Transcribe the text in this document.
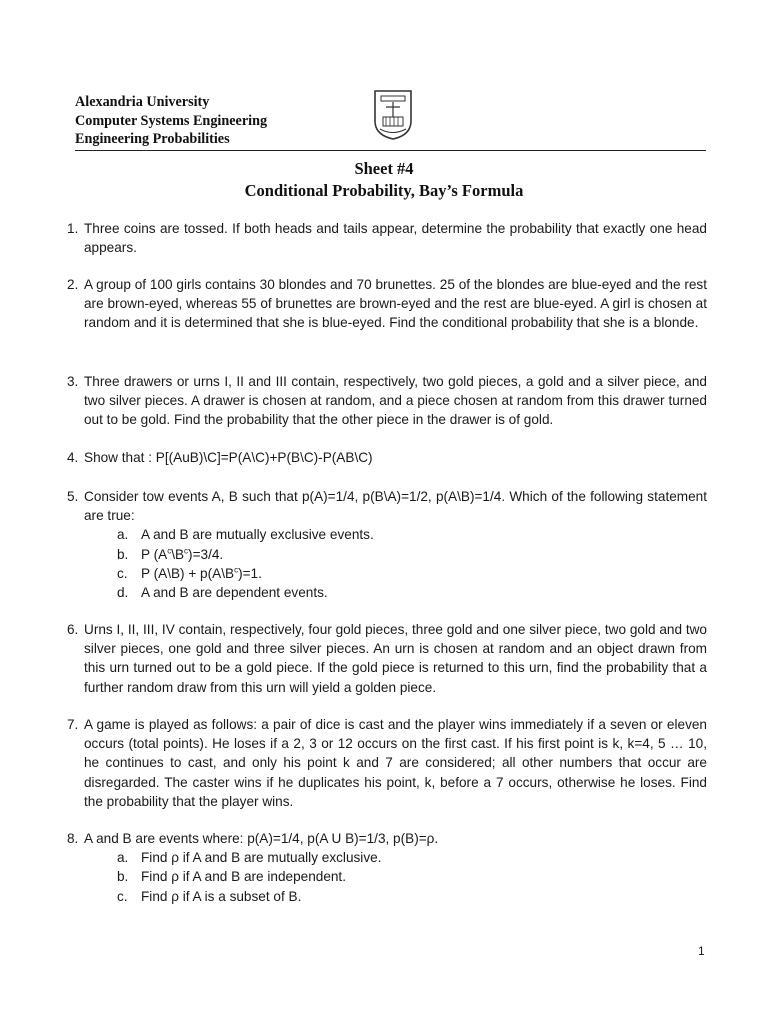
Alexandria University
Computer Systems Engineering
Engineering Probabilities
Sheet #4
Conditional Probability, Bay’s Formula
1. Three coins are tossed. If both heads and tails appear, determine the probability that exactly one head appears.
2. A group of 100 girls contains 30 blondes and 70 brunettes. 25 of the blondes are blue-eyed and the rest are brown-eyed, whereas 55 of brunettes are brown-eyed and the rest are blue-eyed. A girl is chosen at random and it is determined that she is blue-eyed. Find the conditional probability that she is a blonde.
3. Three drawers or urns I, II and III contain, respectively, two gold pieces, a gold and a silver piece, and two silver pieces. A drawer is chosen at random, and a piece chosen at random from this drawer turned out to be gold. Find the probability that the other piece in the drawer is of gold.
4. Show that : P[(AuB)\C]=P(A\C)+P(B\C)-P(AB\C)
5. Consider tow events A, B such that p(A)=1/4, p(B\A)=1/2, p(A\B)=1/4. Which of the following statement are true:
a. A and B are mutually exclusive events.
b. P $(A^c\backslash B^c)=3/4$.
c. P (A\B) + $p(A\backslash B^c)=1$.
d. A and B are dependent events.
6. Urns I, II, III, IV contain, respectively, four gold pieces, three gold and one silver piece, two gold and two silver pieces, one gold and three silver pieces. An urn is chosen at random and an object drawn from this urn turned out to be a gold piece. If the gold piece is returned to this urn, find the probability that a further random draw from this urn will yield a golden piece.
7. A game is played as follows: a pair of dice is cast and the player wins immediately if a seven or eleven occurs (total points). He loses if a 2, 3 or 12 occurs on the first cast. If his first point is k, k=4, 5 … 10, he continues to cast, and only his point k and 7 are considered; all other numbers that occur are disregarded. The caster wins if he duplicates his point, k, before a 7 occurs, otherwise he loses. Find the probability that the player wins.
8. A and B are events where: p(A)=1/4, p(A U B)=1/3, p(B)=ρ.
a. Find ρ if A and B are mutually exclusive.
b. Find ρ if A and B are independent.
c. Find ρ if A is a subset of B.
1
